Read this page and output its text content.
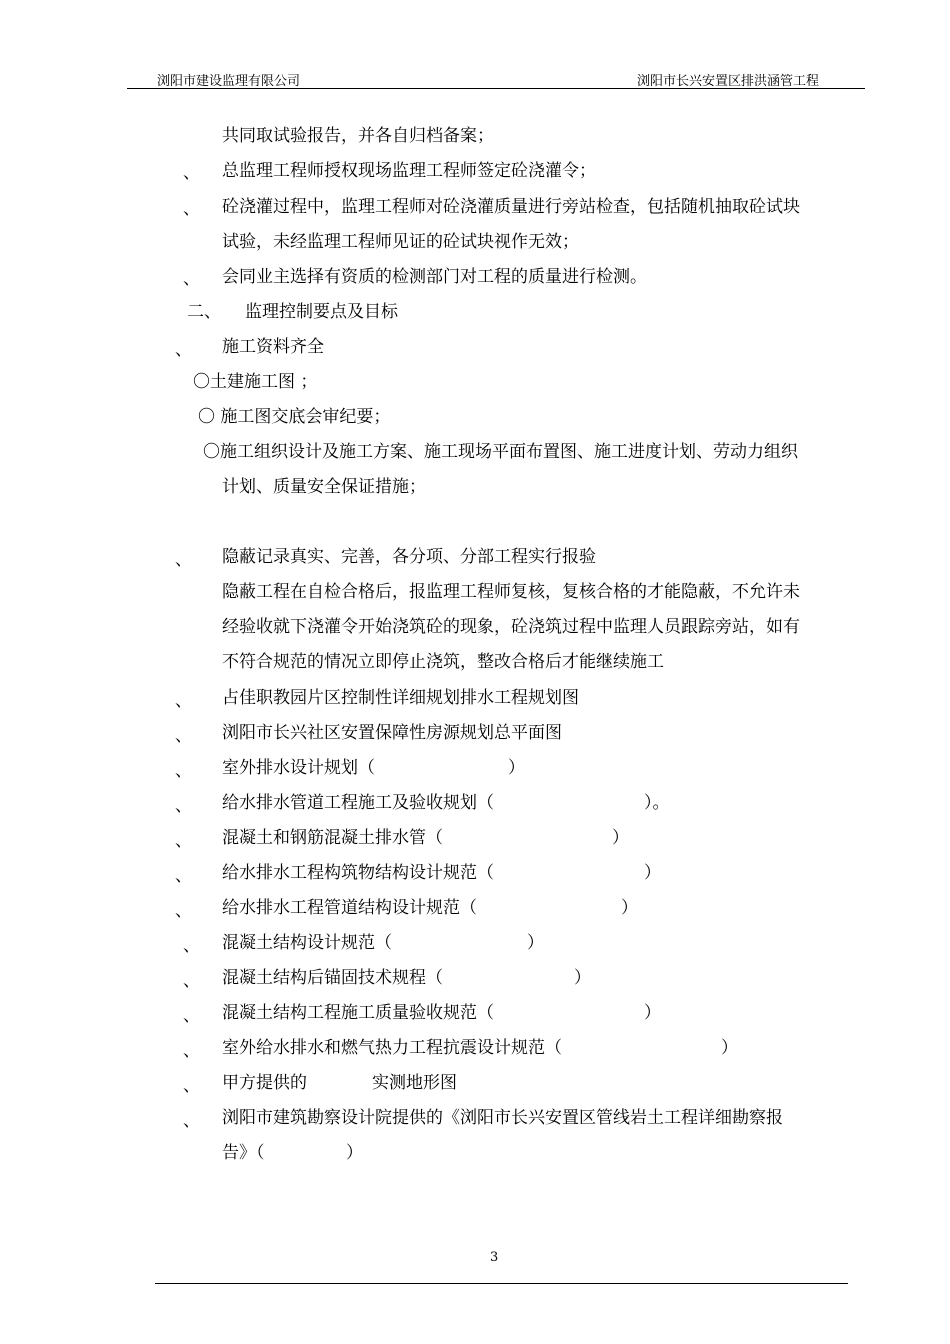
浏阳市建设监理有限公司	浏阳市长兴安置区排洪涵管工程
共同取试验报告，并各自归档备案；
、 总监理工程师授权现场监理工程师签定砼浇灌令；
、 砼浇灌过程中，监理工程师对砼浇灌质量进行旁站检查，包括随机抽取砼试块
试验，未经监理工程师见证的砼试块视作无效；
、 会同业主选择有资质的检测部门对工程的质量进行检测。
二、 监理控制要点及目标
、 施工资料齐全
〇土建施工图 ；
〇 施工图交底会审纪要；
〇施工组织设计及施工方案、施工现场平面布置图、施工进度计划、劳动力组织
计划、质量安全保证措施；
、 隐蔽记录真实、完善，各分项、分部工程实行报验
隐蔽工程在自检合格后，报监理工程师复核，复核合格的才能隐蔽，不允许未
经验收就下浇灌令开始浇筑砼的现象，砼浇筑过程中监理人员跟踪旁站，如有
不符合规范的情况立即停止浇筑，整改合格后才能继续施工
、 占佳职教园片区控制性详细规划排水工程规划图
、 浏阳市长兴社区安置保障性房源规划总平面图
、 室外排水设计规划（	）
、 给水排水管道工程施工及验收规划（	）。
、 混凝土和钢筋混凝土排水管（	）
、 给水排水工程构筑物结构设计规范（	）
、 给水排水工程管道结构设计规范（	）
、 混凝土结构设计规范（	）
、 混凝土结构后锚固技术规程（	）
、 混凝土结构工程施工质量验收规范（	）
、 室外给水排水和燃气热力工程抗震设计规范（	）
、 甲方提供的	实测地形图
、 浏阳市建筑勘察设计院提供的《浏阳市长兴安置区管线岩土工程详细勘察报
告》（	）
3
